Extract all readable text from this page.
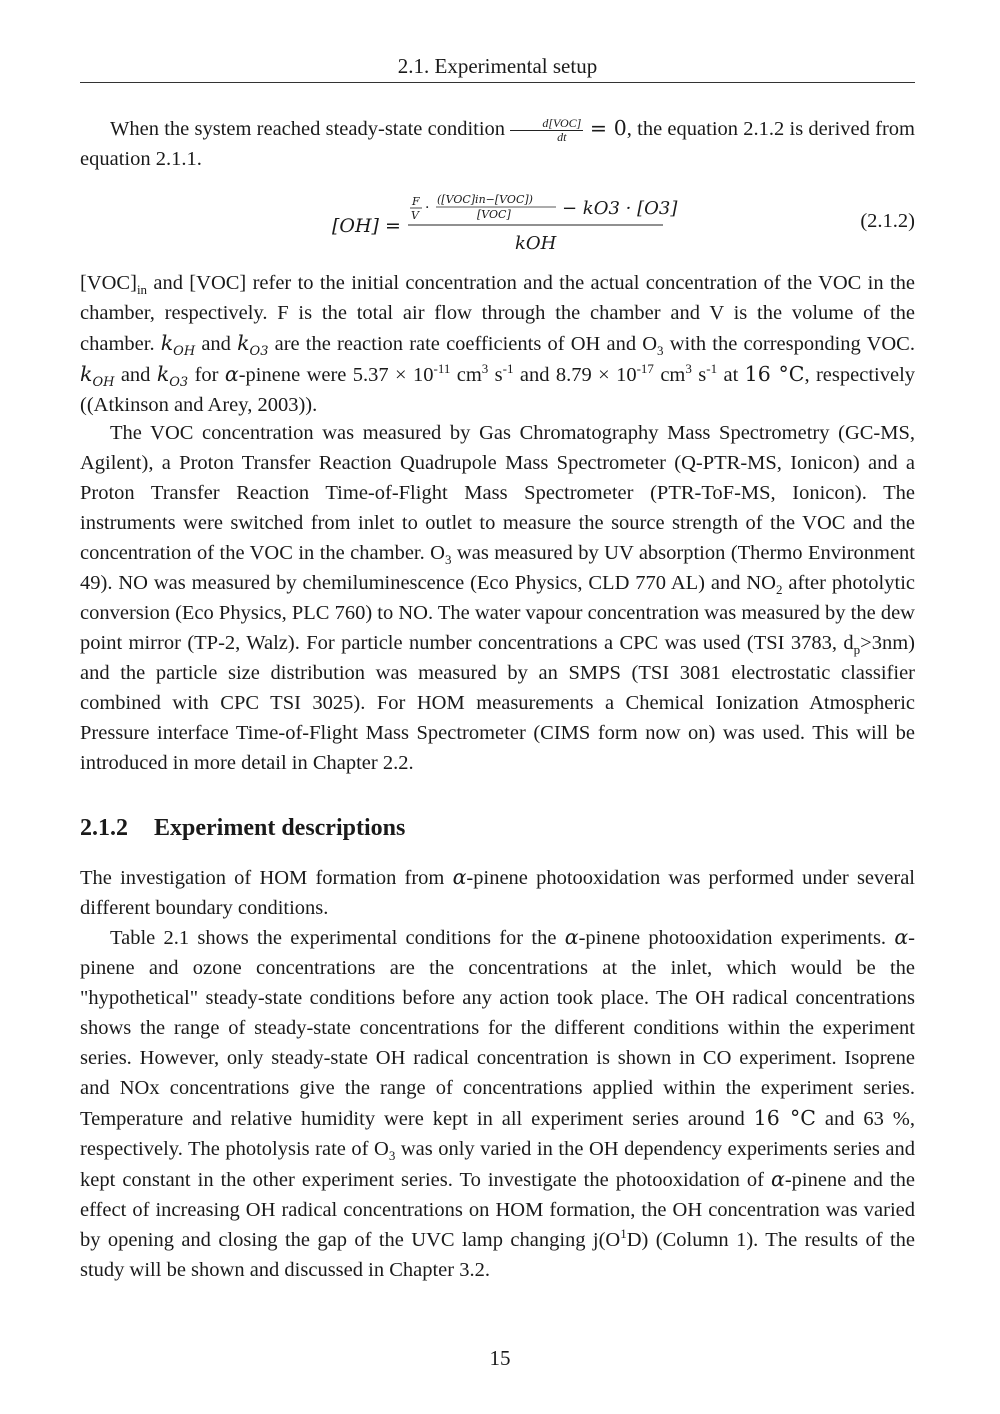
2.1. Experimental setup

When the system reached steady-state condition $\frac{\text{d[VOC]}}{dt} = 0$, the equation 2.1.2 is derived from equation 2.1.1.

[OH] =
F
V ·
([VOC]in−[VOC])
[VOC]	− kO3 · [O3]
kOH
(2.1.2)

$[VOC]_{in}$ and [VOC] refer to the initial concentration and the actual concentration of the VOC in the chamber, respectively. F is the total air flow through the chamber and V is the volume of the chamber. $k_{OH}$ and $k_{O3}$ are the reaction rate coefficients of OH and $O_3$ with the corresponding VOC. $k_{OH}$ and $k_{O3}$ for α-pinene were $5.37 \times 10^{-11}$ $cm^3$ $s^{-1}$ and $8.79 \times 10^{-17}$ $cm^3$ $s^{-1}$ at 16 °C, respectively ((Atkinson and Arey, 2003)).

The VOC concentration was measured by Gas Chromatography Mass Spectrometry (GC-MS, Agilent), a Proton Transfer Reaction Quadrupole Mass Spectrometer (Q-PTR-MS, Ionicon) and a Proton Transfer Reaction Time-of-Flight Mass Spectrometer (PTR-ToF-MS, Ionicon). The instruments were switched from inlet to outlet to measure the source strength of the VOC and the concentration of the VOC in the chamber. $O_3$ was measured by UV absorption (Thermo Environment 49). NO was measured by chemiluminescence (Eco Physics, CLD 770 AL) and $NO_2$ after photolytic conversion (Eco Physics, PLC 760) to NO. The water vapour concentration was measured by the dew point mirror (TP-2, Walz). For particle number concentrations a CPC was used (TSI 3783, $d_p>3nm$) and the particle size distribution was measured by an SMPS (TSI 3081 electrostatic classifier combined with CPC TSI 3025). For HOM measurements a Chemical Ionization Atmospheric Pressure interface Time-of-Flight Mass Spectrometer (CIMS form now on) was used. This will be introduced in more detail in Chapter 2.2.

2.1.2 Experiment descriptions

The investigation of HOM formation from α-pinene photooxidation was performed under several different boundary conditions.

Table 2.1 shows the experimental conditions for the α-pinene photooxidation experiments. α-pinene and ozone concentrations are the concentrations at the inlet, which would be the "hypothetical" steady-state conditions before any action took place. The OH radical concentrations shows the range of steady-state concentrations for the different conditions within the experiment series. However, only steady-state OH radical concentration is shown in CO experiment. Isoprene and NOx concentrations give the range of concentrations applied within the experiment series. Temperature and relative humidity were kept in all experiment series around 16 °C and 63 %, respectively. The photolysis rate of $O_3$ was only varied in the OH dependency experiments series and kept constant in the other experiment series. To investigate the photooxidation of α-pinene and the effect of increasing OH radical concentrations on HOM formation, the OH concentration was varied by opening and closing the gap of the UVC lamp changing $j(O^1D)$ (Column 1). The results of the study will be shown and discussed in Chapter 3.2.

15
